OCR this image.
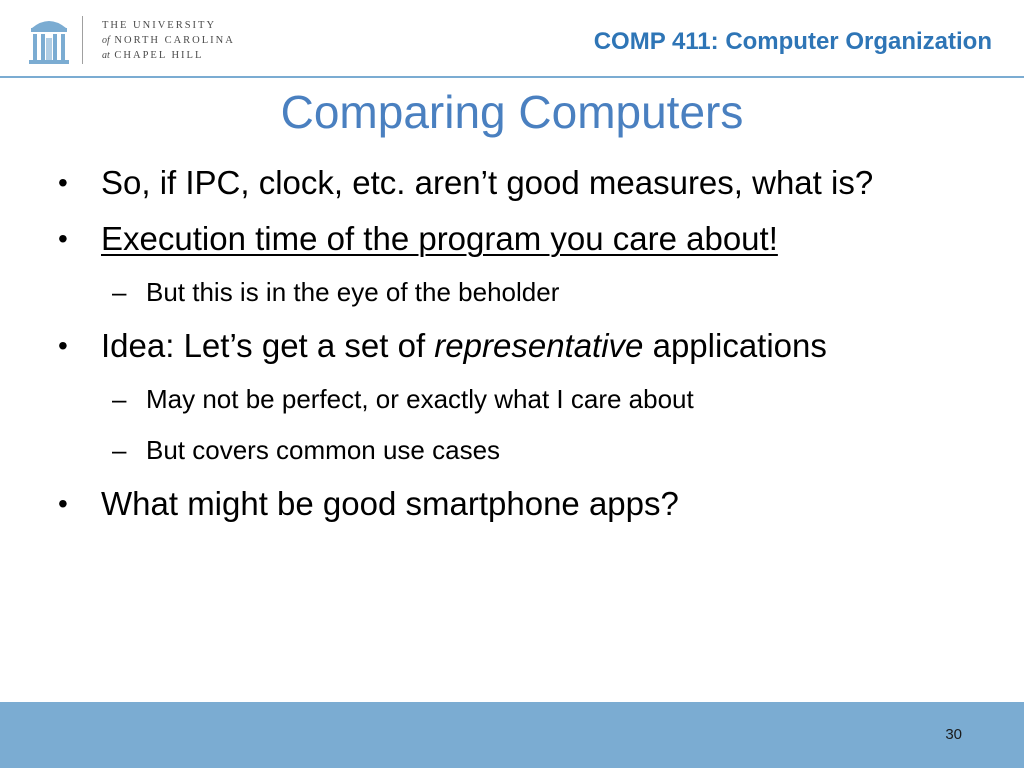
THE UNIVERSITY
of NORTH CAROLINA
at CHAPEL HILL
COMP 411: Computer Organization
Comparing Computers
• So, if IPC, clock, etc. aren’t good measures, what is?
• Execution time of the program you care about!
– But this is in the eye of the beholder
• Idea: Let’s get a set of representative applications
– May not be perfect, or exactly what I care about
– But covers common use cases
• What might be good smartphone apps?
30
